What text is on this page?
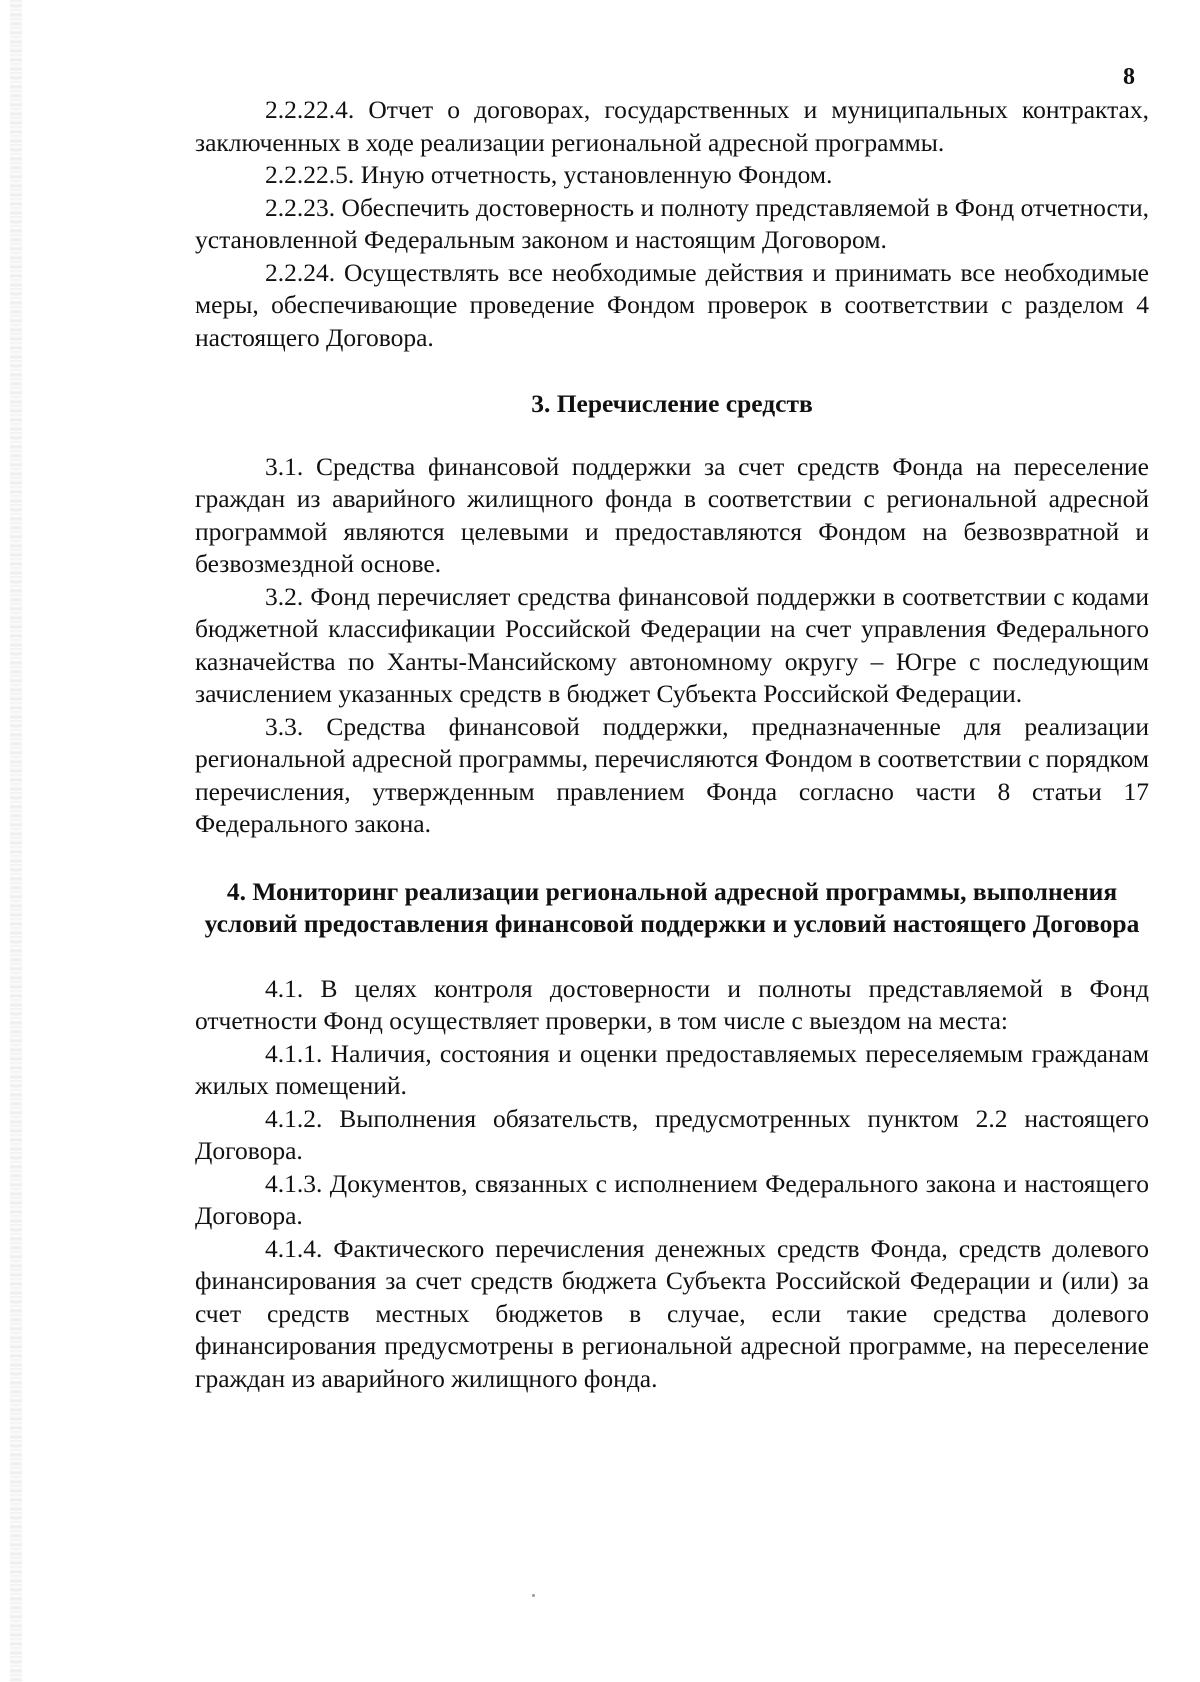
8

2.2.22.4. Отчет о договорах, государственных и муниципальных контрактах, заключенных в ходе реализации региональной адресной программы.

2.2.22.5. Иную отчетность, установленную Фондом.

2.2.23. Обеспечить достоверность и полноту представляемой в Фонд отчетности, установленной Федеральным законом и настоящим Договором.

2.2.24. Осуществлять все необходимые действия и принимать все необходимые меры, обеспечивающие проведение Фондом проверок в соответствии с разделом 4 настоящего Договора.

3. Перечисление средств

3.1. Средства финансовой поддержки за счет средств Фонда на переселение граждан из аварийного жилищного фонда в соответствии с региональной адресной программой являются целевыми и предоставляются Фондом на безвозвратной и безвозмездной основе.

3.2. Фонд перечисляет средства финансовой поддержки в соответствии с кодами бюджетной классификации Российской Федерации на счет управления Федерального казначейства по Ханты-Мансийскому автономному округу – Югре с последующим зачислением указанных средств в бюджет Субъекта Российской Федерации.

3.3. Средства финансовой поддержки, предназначенные для реализации региональной адресной программы, перечисляются Фондом в соответствии с порядком перечисления, утвержденным правлением Фонда согласно части 8 статьи 17 Федерального закона.

4. Мониторинг реализации региональной адресной программы, выполнения условий предоставления финансовой поддержки и условий настоящего Договора

4.1. В целях контроля достоверности и полноты представляемой в Фонд отчетности Фонд осуществляет проверки, в том числе с выездом на места:

4.1.1. Наличия, состояния и оценки предоставляемых переселяемым гражданам жилых помещений.

4.1.2. Выполнения обязательств, предусмотренных пунктом 2.2 настоящего Договора.

4.1.3. Документов, связанных с исполнением Федерального закона и настоящего Договора.

4.1.4. Фактического перечисления денежных средств Фонда, средств долевого финансирования за счет средств бюджета Субъекта Российской Федерации и (или) за счет средств местных бюджетов в случае, если такие средства долевого финансирования предусмотрены в региональной адресной программе, на переселение граждан из аварийного жилищного фонда.
